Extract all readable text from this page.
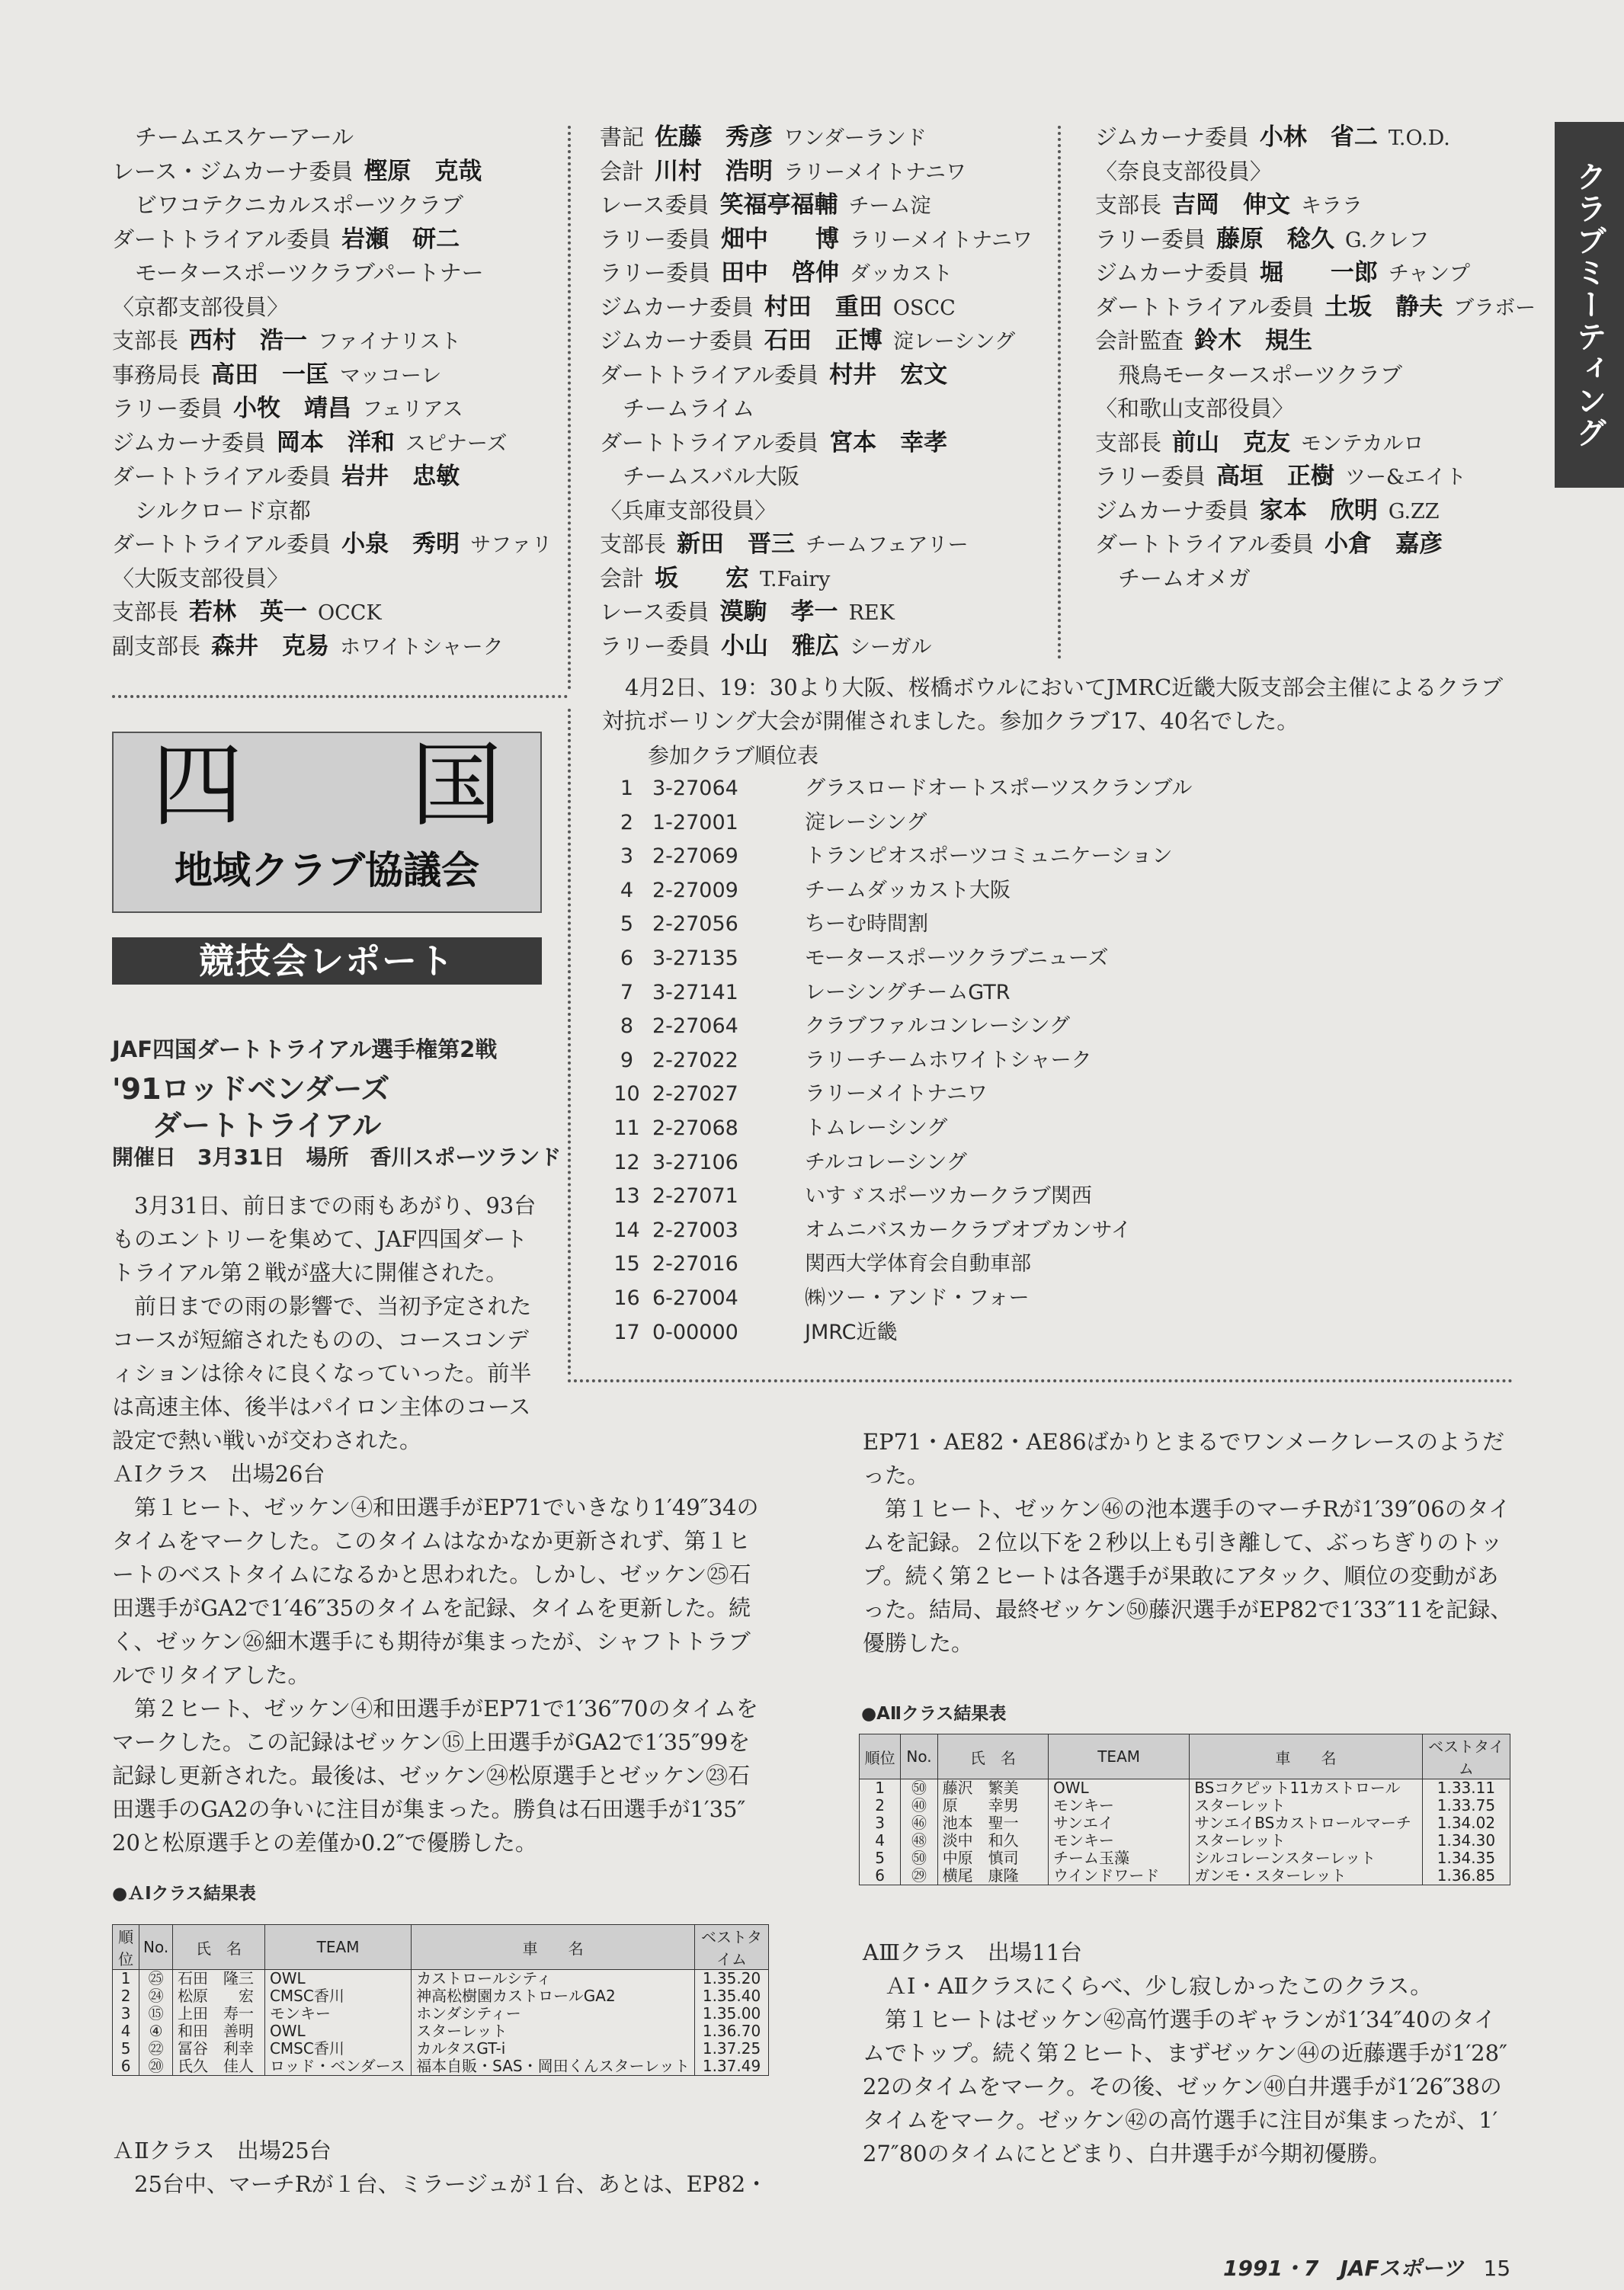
チームエスケーアール
レース・ジムカーナ委員 樫原　克哉
ビワコテクニカルスポーツクラブ
ダートトライアル委員 岩瀬　研二
モータースポーツクラブパートナー
〈京都支部役員〉
支部長 西村　浩一 ファイナリスト
事務局長 高田　一匡 マッコーレ
ラリー委員 小牧　靖昌 フェリアス
ジムカーナ委員 岡本　洋和 スピナーズ
ダートトライアル委員 岩井　忠敏
シルクロード京都
ダートトライアル委員 小泉　秀明 サファリ
〈大阪支部役員〉
支部長 若林　英一 OCCK
副支部長 森井　克易 ホワイトシャーク
書記 佐藤　秀彦 ワンダーランド
会計 川村　浩明 ラリーメイトナニワ
レース委員 笑福亭福輔 チーム淀
ラリー委員 畑中　　博 ラリーメイトナニワ
ラリー委員 田中　啓伸 ダッカスト
ジムカーナ委員 村田　重田 OSCC
ジムカーナ委員 石田　正博 淀レーシング
ダートトライアル委員 村井　宏文
チームライム
ダートトライアル委員 宮本　幸孝
チームスバル大阪
〈兵庫支部役員〉
支部長 新田　晋三 チームフェアリー
会計 坂　　宏 T.Fairy
レース委員 漠駒　孝一 REK
ラリー委員 小山　雅広 シーガル
ジムカーナ委員 小林　省二 T.O.D.
〈奈良支部役員〉
支部長 吉岡　伸文 キララ
ラリー委員 藤原　稔久 G.クレフ
ジムカーナ委員 堀　　一郎 チャンプ
ダートトライアル委員 土坂　静夫 ブラボー
会計監査 鈴木　規生
飛鳥モータースポーツクラブ
〈和歌山支部役員〉
支部長 前山　克友 モンテカルロ
ラリー委員 高垣　正樹 ツー&エイト
ジムカーナ委員 家本　欣明 G.ZZ
ダートトライアル委員 小倉　嘉彦
チームオメガ
クラブミーティング
四 国
地域クラブ協議会
競技会レポート
JAF四国ダートトライアル選手権第2戦
'91ロッドベンダーズ
ダートトライアル
開催日　3月31日　場所　香川スポーツランド

　3月31日、前日までの雨もあがり、93台

ものエントリーを集めて、JAF四国ダート

トライアル第２戦が盛大に開催された。

　前日までの雨の影響で、当初予定された

コースが短縮されたものの、コースコンデ

ィションは徐々に良くなっていった。前半

は高速主体、後半はパイロン主体のコース

設定で熱い戦いが交わされた。

ＡⅠクラス　出場26台

　第１ヒート、ゼッケン④和田選手がEP71でいきなり1′49″34の

タイムをマークした。このタイムはなかなか更新されず、第１ヒ

ートのベストタイムになるかと思われた。しかし、ゼッケン㉕石

田選手がGA2で1′46″35のタイムを記録、タイムを更新した。続

く、ゼッケン㉖細木選手にも期待が集まったが、シャフトトラブ

ルでリタイアした。

　第２ヒート、ゼッケン④和田選手がEP71で1′36″70のタイムを

マークした。この記録はゼッケン⑮上田選手がGA2で1′35″99を

記録し更新された。最後は、ゼッケン㉔松原選手とゼッケン㉓石

田選手のGA2の争いに注目が集まった。勝負は石田選手が1′35″

20と松原選手との差僅か0.2″で優勝した。

ＡⅡクラス　出場25台

　25台中、マーチRが１台、ミラージュが１台、あとは、EP82・

EP71・AE82・AE86ばかりとまるでワンメークレースのようだ

った。

　第１ヒート、ゼッケン㊻の池本選手のマーチRが1′39″06のタイ

ムを記録。２位以下を２秒以上も引き離して、ぶっちぎりのトッ

プ。続く第２ヒートは各選手が果敢にアタック、順位の変動があ

った。結局、最終ゼッケン㊿藤沢選手がEP82で1′33″11を記録、

優勝した。

AⅢクラス　出場11台

　ＡⅠ・AⅡクラスにくらべ、少し寂しかったこのクラス。

　第１ヒートはゼッケン㊷高竹選手のギャランが1′34″40のタイ

ムでトップ。続く第２ヒート、まずゼッケン㊹の近藤選手が1′28″

22のタイムをマーク。その後、ゼッケン㊵白井選手が1′26″38の

タイムをマーク。ゼッケン㊷の高竹選手に注目が集まったが、1′

27″80のタイムにとどまり、白井選手が今期初優勝。

4月2日、19：30より大阪、桜橋ボウルにおいてJMRC近畿大阪支部会主催によるクラブ対抗ボーリング大会が開催されました。参加クラブ17、40名でした。

参加クラブ順位表
1 3-27064	グラスロードオートスポーツスクランブル
2 1-27001	淀レーシング
3 2-27069	トランピオスポーツコミュニケーション
4 2-27009	チームダッカスト大阪
5 2-27056	ちーむ時間割
6 3-27135	モータースポーツクラブニューズ
7 3-27141	レーシングチームGTR
8 2-27064	クラブファルコンレーシング
9 2-27022	ラリーチームホワイトシャーク
10 2-27027	ラリーメイトナニワ
11 2-27068	トムレーシング
12 3-27106	チルコレーシング
13 2-27071	いすゞスポーツカークラブ関西
14 2-27003	オムニバスカークラブオブカンサイ
15 2-27016	関西大学体育会自動車部
16 6-27004	㈱ツー・アンド・フォー
17 0-00000	JMRC近畿
●ＡⅠクラス結果表
順位	No.	氏　名	TEAM	車　　名	ベストタイム
1	㉕	石田　隆三	OWL	カストロールシティ	1.35.20
2	㉔	松原　　宏	CMSC香川	神高松樹園カストロールGA2	1.35.40
3	⑮	上田　寿一	モンキー	ホンダシティー	1.35.00
4	④	和田　善明	OWL	スターレット	1.36.70
5	㉒	冨谷　利幸	CMSC香川	カルタスGT-i	1.37.25
6	⑳	氏久　佳人	ロッド・ベンダース	福本自販・SAS・岡田くんスターレット	1.37.49
●AⅡクラス結果表
順位	No.	氏　名	TEAM	車　　名	ベストタイム
1	㊿	藤沢　繁美	OWL	BSコクピット11カストロール	1.33.11
2	㊵	原　　幸男	モンキー	スターレット	1.33.75
3	㊻	池本　聖一	サンエイ	サンエイBSカストロールマーチ	1.34.02
4	㊽	淡中　和久	モンキー	スターレット	1.34.30
5	㊿	中原　慎司	チーム玉藻	シルコレーンスターレット	1.34.35
6	㉙	横尾　康隆	ウインドワード	ガンモ・スターレット	1.36.85
1991・7　JAFスポーツ 15
